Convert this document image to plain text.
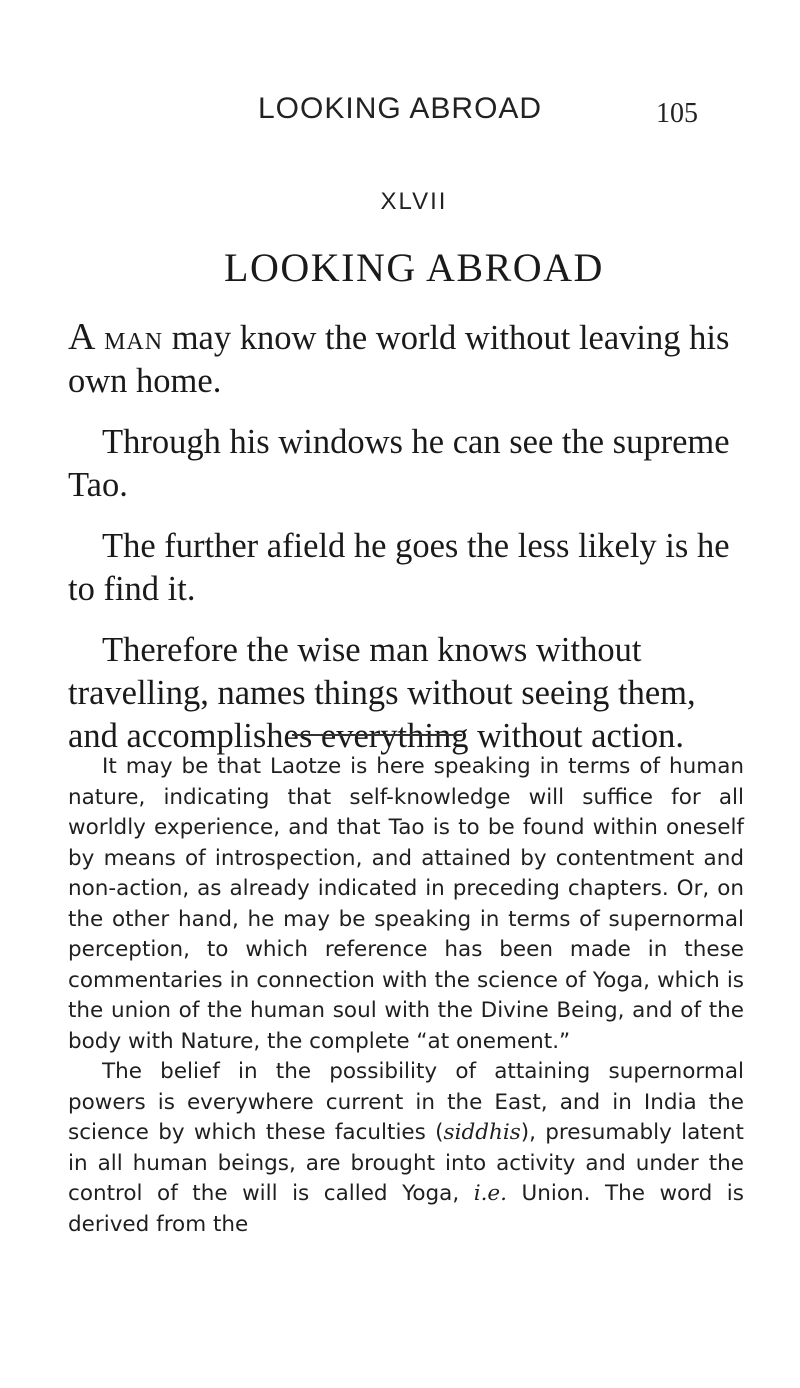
LOOKING ABROAD	105
XLVII
LOOKING ABROAD

A man may know the world without leaving his own home.

Through his windows he can see the supreme Tao.

The further afield he goes the less likely is he to find it.

Therefore the wise man knows without travelling, names things without seeing them, and accomplishes everything without action.

It may be that Laotze is here speaking in terms of human nature, indicating that self-knowledge will suffice for all worldly experience, and that Tao is to be found within oneself by means of introspection, and attained by contentment and non-action, as already indicated in preceding chapters. Or, on the other hand, he may be speaking in terms of supernormal perception, to which reference has been made in these commentaries in connection with the science of Yoga, which is the union of the human soul with the Divine Being, and of the body with Nature, the complete “at onement.”

The belief in the possibility of attaining supernormal powers is everywhere current in the East, and in India the science by which these faculties (siddhis), presumably latent in all human beings, are brought into activity and under the control of the will is called Yoga, i.e. Union. The word is derived from the
